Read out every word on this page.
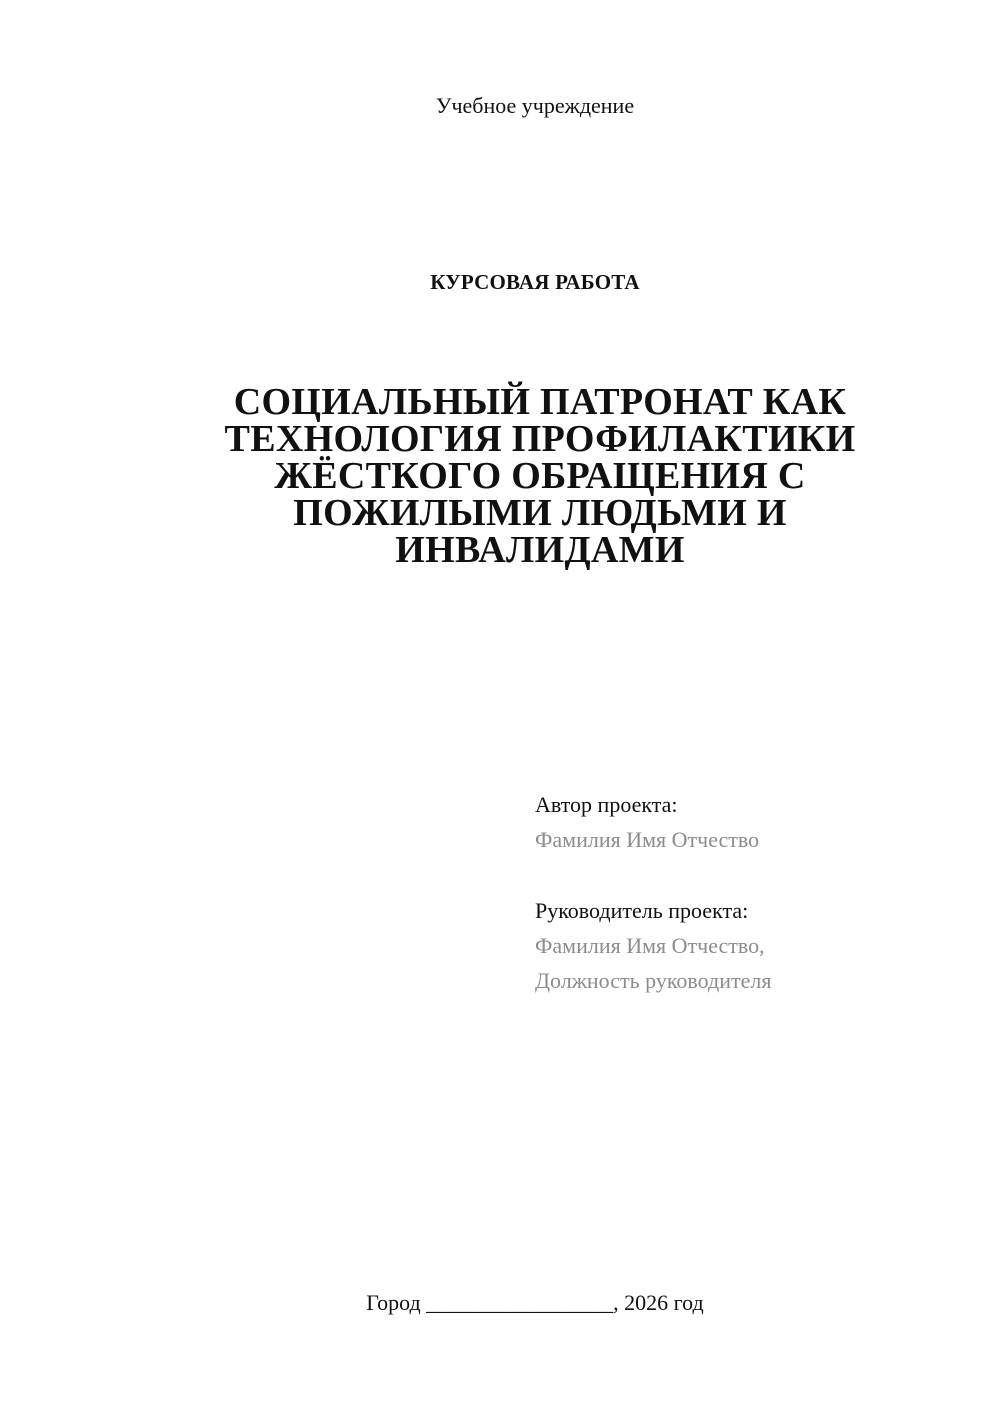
Учебное учреждение
КУРСОВАЯ РАБОТА
СОЦИАЛЬНЫЙ ПАТРОНАТ КАК
ТЕХНОЛОГИЯ ПРОФИЛАКТИКИ
ЖЁСТКОГО ОБРАЩЕНИЯ С
ПОЖИЛЫМИ ЛЮДЬМИ И
ИНВАЛИДАМИ
Автор проекта:
Фамилия Имя Отчество
Руководитель проекта:
Фамилия Имя Отчество,
Должность руководителя
Город _________________, 2026 год
